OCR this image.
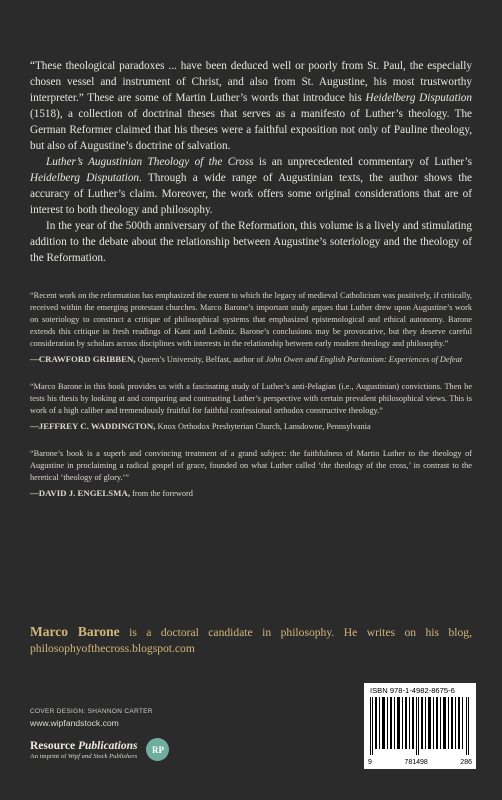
“These theological paradoxes ... have been deduced well or poorly from St. Paul, the especially chosen vessel and instrument of Christ, and also from St. Augustine, his most trustworthy interpreter.” These are some of Martin Luther’s words that introduce his Heidelberg Disputation (1518), a collection of doctrinal theses that serves as a manifesto of Luther’s theology. The German Reformer claimed that his theses were a faithful exposition not only of Pauline theology, but also of Augustine’s doctrine of salvation.

Luther’s Augustinian Theology of the Cross is an unprecedented commentary of Luther’s Heidelberg Disputation. Through a wide range of Augustinian texts, the author shows the accuracy of Luther’s claim. Moreover, the work offers some original considerations that are of interest to both theology and philosophy.

In the year of the 500th anniversary of the Reformation, this volume is a lively and stimulating addition to the debate about the relationship between Augustine’s soteriology and the theology of the Reformation.

“Recent work on the reformation has emphasized the extent to which the legacy of medieval Catholicism was positively, if critically, received within the emerging protestant churches. Marco Barone’s important study argues that Luther drew upon Augustine’s work on soteriology to construct a critique of philosophical systems that emphasized epistemological and ethical autonomy. Barone extends this critique in fresh readings of Kant and Leibniz. Barone’s conclusions may be provocative, but they deserve careful consideration by scholars across disciplines with interests in the relationship between early modern theology and philosophy.”

—CRAWFORD GRIBBEN, Queen’s University, Belfast, author of John Owen and English Puritanism: Experiences of Defeat

“Marco Barone in this book provides us with a fascinating study of Luther’s anti-Pelagian (i.e., Augustinian) convictions. Then he tests his thesis by looking at and comparing and contrasting Luther’s perspective with certain prevalent philosophical views. This is work of a high caliber and tremendously fruitful for faithful confessional orthodox constructive theology.”

—JEFFREY C. WADDINGTON, Knox Orthodox Presbyterian Church, Lansdowne, Pennsylvania

“Barone’s book is a superb and convincing treatment of a grand subject: the faithfulness of Martin Luther to the theology of Augustine in proclaiming a radical gospel of grace, founded on what Luther called ‘the theology of the cross,’ in contrast to the heretical ‘theology of glory.’”

—DAVID J. ENGELSMA, from the foreword
Marco Barone is a doctoral candidate in philosophy. He writes on his blog, philosophyofthecross.blogspot.com
COVER DESIGN: SHANNON CARTER
www.wipfandstock.com
Resource Publications
An imprint of Wipf and Stock Publishers
RP
ISBN 978-1-4982-8675-6
9	781498	286
